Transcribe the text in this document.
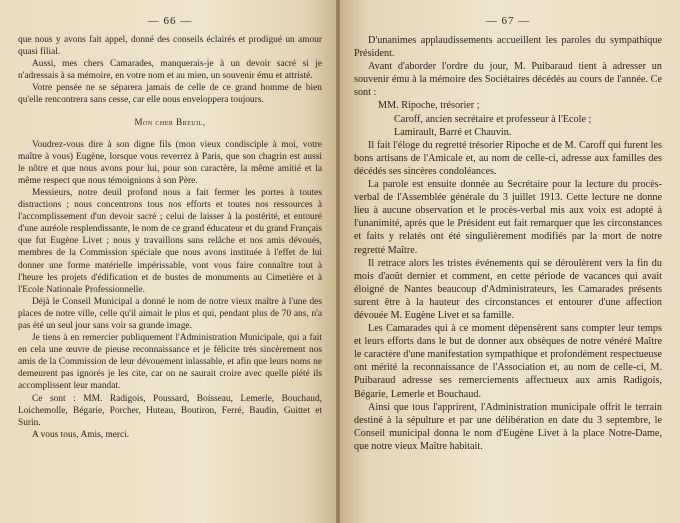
— 66 —

que nous y avons fait appel, donné des conseils éclairés et prodigué un amour quasi filial.

Aussi, mes chers Camarades, manquerais-je à un devoir sacré si je n'adressais à sa mémoire, en votre nom et au mien, un souvenir ému et attristé.

Votre pensée ne se séparera jamais de celle de ce grand homme de bien qu'elle rencontrera sans cesse, car elle nous enveloppera toujours.

Mon cher Breuil,

Voudrez-vous dire à son digne fils (mon vieux condisciple à moi, votre maître à vous) Eugène, lorsque vous reverrez à Paris, que son chagrin est aussi le nôtre et que nous avons pour lui, pour son caractère, la même amitié et la même respect que nous témoignions à son Père.

Messieurs, notre deuil profond nous a fait fermer les portes à toutes distractions ; nous concentrons tous nos efforts et toutes nos ressources à l'accomplissement d'un devoir sacré ; celui de laisser à la postérité, et entouré d'une auréole resplendissante, le nom de ce grand éducateur et du grand Français que fut Eugène Livet ; nous y travaillons sans relâche et nos amis dévoués, membres de la Commission spéciale que nous avons instituée à l'effet de lui donner une forme matérielle impérissable, vont vous faire connaître tout à l'heure les projets d'édification et de bustes de monuments au Cimetière et à l'Ecole Nationale Professionnelle.

Déjà le Conseil Municipal a donné le nom de notre vieux maître à l'une des places de notre ville, celle qu'il aimait le plus et qui, pendant plus de 70 ans, n'a pas été un seul jour sans voir sa grande image.

Je tiens à en remercier publiquement l'Administration Municipale, qui a fait en cela une œuvre de pieuse reconnaissance et je félicite très sincèrement nos amis de la Commission de leur dévouement inlassable, et afin que leurs noms ne demeurent pas ignorés je les cite, car on ne saurait croire avec quelle piété ils accomplissent leur mandat.

Ce sont : MM. Radigois, Poussard, Boisseau, Lemerle, Bouchaud, Loichemolle, Bégarie, Porcher, Huteau, Boutiron, Ferré, Baudin, Guittet et Surin.

A vous tous, Amis, merci.

— 67 —

D'unanimes applaudissements accueillent les paroles du sympathique Président.

Avant d'aborder l'ordre du jour, M. Puibaraud tient à adresser un souvenir ému à la mémoire des Sociétaires décédés au cours de l'année. Ce sont :

MM. Ripoche, trésorier ;

Caroff, ancien secrétaire et professeur à l'Ecole ;

Lamirault, Barré et Chauvin.

Il fait l'éloge du regretté trésorier Ripoche et de M. Caroff qui furent les bons artisans de l'Amicale et, au nom de celle-ci, adresse aux familles des décédés ses sincères condoléances.

La parole est ensuite donnée au Secrétaire pour la lecture du procès-verbal de l'Assemblée générale du 3 juillet 1913. Cette lecture ne donne lieu à aucune observation et le procès-verbal mis aux voix est adopté à l'unanimité, après que le Président eut fait remarquer que les circonstances et faits y relatés ont été singulièrement modifiés par la mort de notre regretté Maître.

Il retrace alors les tristes événements qui se déroulèrent vers la fin du mois d'août dernier et comment, en cette période de vacances qui avait éloigné de Nantes beaucoup d'Administrateurs, les Camarades présents surent être à la hauteur des circonstances et entourer d'une affection dévouée M. Eugène Livet et sa famille.

Les Camarades qui à ce moment dépensèrent sans compter leur temps et leurs efforts dans le but de donner aux obsèques de notre vénéré Maître le caractère d'une manifestation sympathique et profondément respectueuse ont mérité la reconnaissance de l'Association et, au nom de celle-ci, M. Puibaraud adresse ses remerciements affectueux aux amis Radigois, Bégarie, Lemerle et Bouchaud.

Ainsi que tous l'apprirent, l'Administration municipale offrit le terrain destiné à la sépulture et par une délibération en date du 3 septembre, le Conseil municipal donna le nom d'Eugène Livet à la place Notre-Dame, que notre vieux Maître habitait.
